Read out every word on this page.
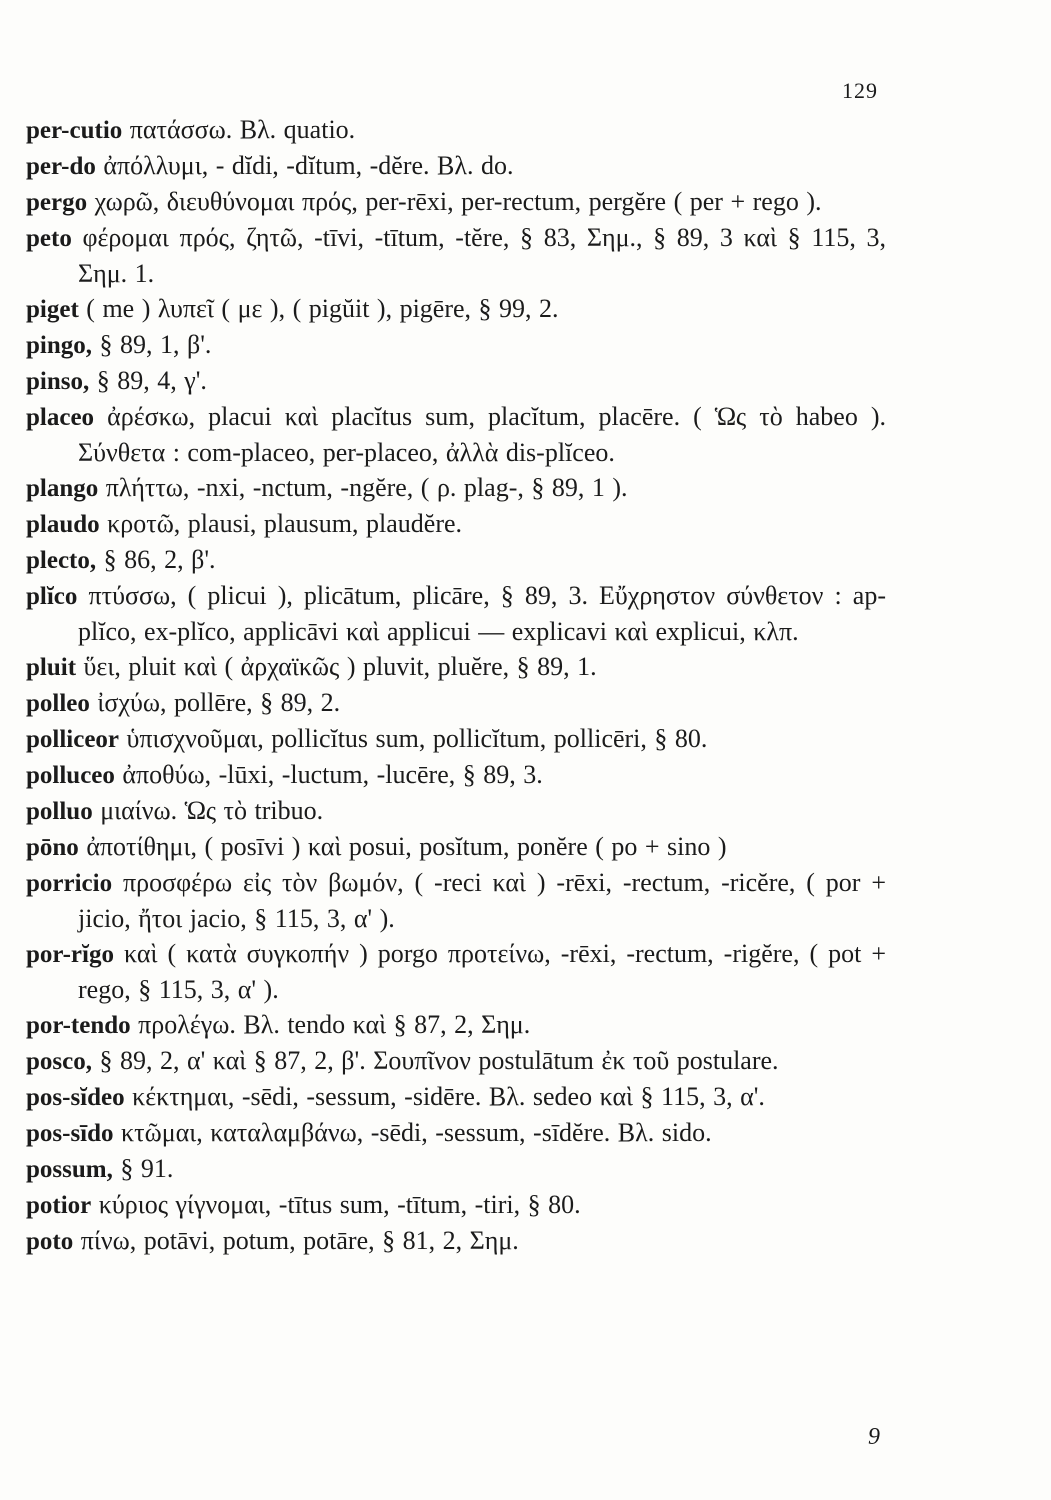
129

per-cutio πατάσσω. Βλ. quatio.

per-do ἀπόλλυμι, - dĭdi, -dĭtum, -dĕre. Βλ. do.

pergo χωρῶ, διευθύνομαι πρός, per-rēxi, per-rectum, pergĕre ( per + rego ).

peto φέρομαι πρός, ζητῶ, -tīvi, -tītum, -tĕre, § 83, Σημ., § 89, 3 καὶ § 115, 3, Σημ. 1.

piget ( me ) λυπεῖ ( με ), ( pigŭit ), pigēre, § 99, 2.

pingo, § 89, 1, β'.

pinso, § 89, 4, γ'.

placeo ἀρέσκω, placui καὶ placĭtus sum, placĭtum, placēre. ( Ὡς τὸ habeo ). Σύνθετα : com-placeo, per-placeo, ἀλλὰ dis-plĭceo.

plango πλήττω, -nxi, -nctum, -ngĕre, ( ρ. plag-, § 89, 1 ).

plaudo κροτῶ, plausi, plausum, plaudĕre.

plecto, § 86, 2, β'.

plĭco πτύσσω, ( plicui ), plicātum, plicāre, § 89, 3. Εὔχρηστον σύνθετον : ap-plĭco, ex-plĭco, applicāvi καὶ applicui — explicavi καὶ explicui, κλπ.

pluit ὕει, pluit καὶ ( ἀρχαϊκῶς ) pluvit, pluĕre, § 89, 1.

polleo ἰσχύω, pollēre, § 89, 2.

polliceor ὑπισχνοῦμαι, pollicĭtus sum, pollicĭtum, pollicēri, § 80.

polluceo ἀποθύω, -lūxi, -luctum, -lucēre, § 89, 3.

polluo μιαίνω. Ὡς τὸ tribuo.

pōno ἀποτίθημι, ( posīvi ) καὶ posui, posĭtum, ponĕre ( po + sino )

porricio προσφέρω εἰς τὸν βωμόν, ( -reci καὶ ) -rēxi, -rectum, -ricĕre, ( por + jicio, ἤτοι jacio, § 115, 3, α' ).

por-rĭgo καὶ ( κατὰ συγκοπήν ) porgo προτείνω, -rēxi, -rectum, -rigĕre, ( pot + rego, § 115, 3, α' ).

por-tendo προλέγω. Βλ. tendo καὶ § 87, 2, Σημ.

posco, § 89, 2, α' καὶ § 87, 2, β'. Σουπῖνον postulātum ἐκ τοῦ postulare.

pos-sĭdeo κέκτημαι, -sēdi, -sessum, -sidēre. Βλ. sedeo καὶ § 115, 3, α'.

pos-sīdo κτῶμαι, καταλαμβάνω, -sēdi, -sessum, -sīdĕre. Βλ. sido.

possum, § 91.

potior κύριος γίγνομαι, -tītus sum, -tītum, -tiri, § 80.

poto πίνω, potāvi, potum, potāre, § 81, 2, Σημ.

9
